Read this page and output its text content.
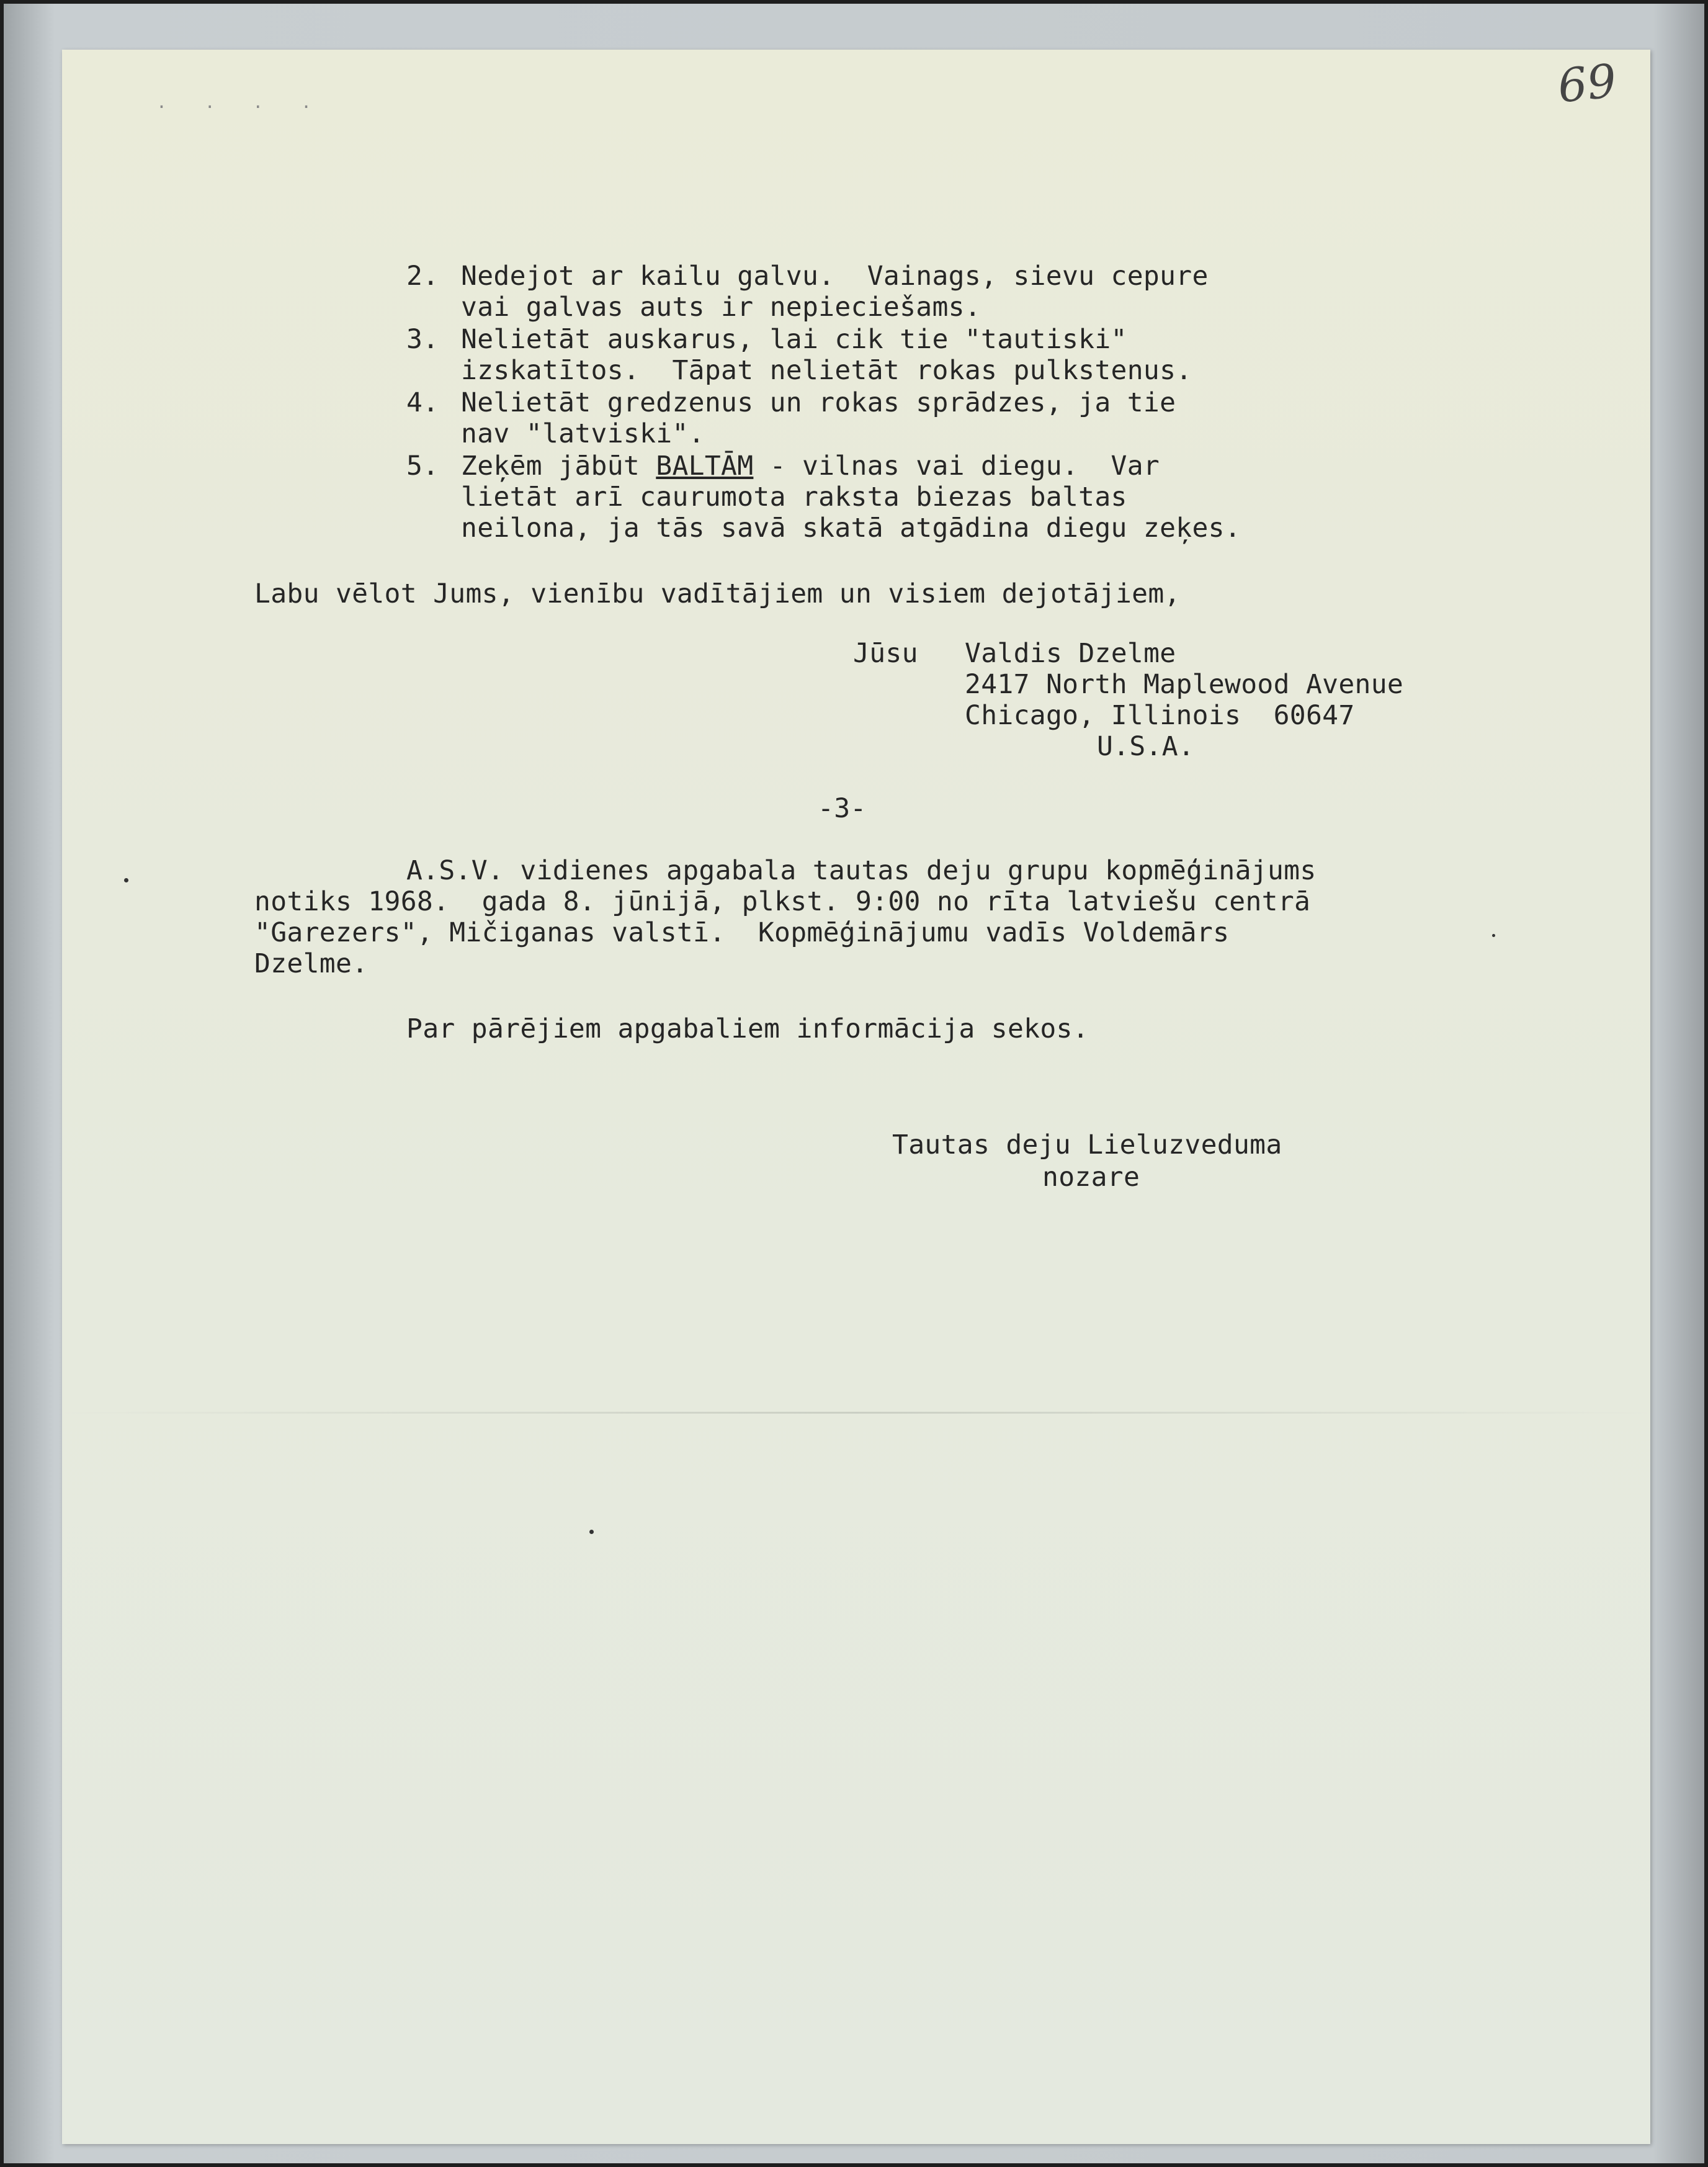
69
. . . .
2. Nedejot ar kailu galvu.  Vainags, sievu cepure
vai galvas auts ir nepieciešams.
3. Nelietāt auskarus, lai cik tie "tautiski"
izskatītos.  Tāpat nelietāt rokas pulkstenus.
4. Nelietāt gredzenus un rokas sprādzes, ja tie
nav "latviski".
5. Zeķēm jābūt BALTĀM - vilnas vai diegu.  Var
lietāt arī caurumota raksta biezas baltas
neilona, ja tās savā skatā atgādina diegu zeķes.
Labu vēlot Jums, vienību vadītājiem un visiem dejotājiem,
Jūsu Valdis Dzelme
2417 North Maplewood Avenue
Chicago, Illinois  60647
U.S.A.
-3-
A.S.V. vidienes apgabala tautas deju grupu kopmēģinājums
notiks 1968.  gada 8. jūnijā, plkst. 9:00 no rīta latviešu centrā
"Garezers", Mičiganas valstī.  Kopmēģinājumu vadīs Voldemārs
Dzelme.
Par pārējiem apgabaliem informācija sekos.
Tautas deju Lieluzveduma
nozare
